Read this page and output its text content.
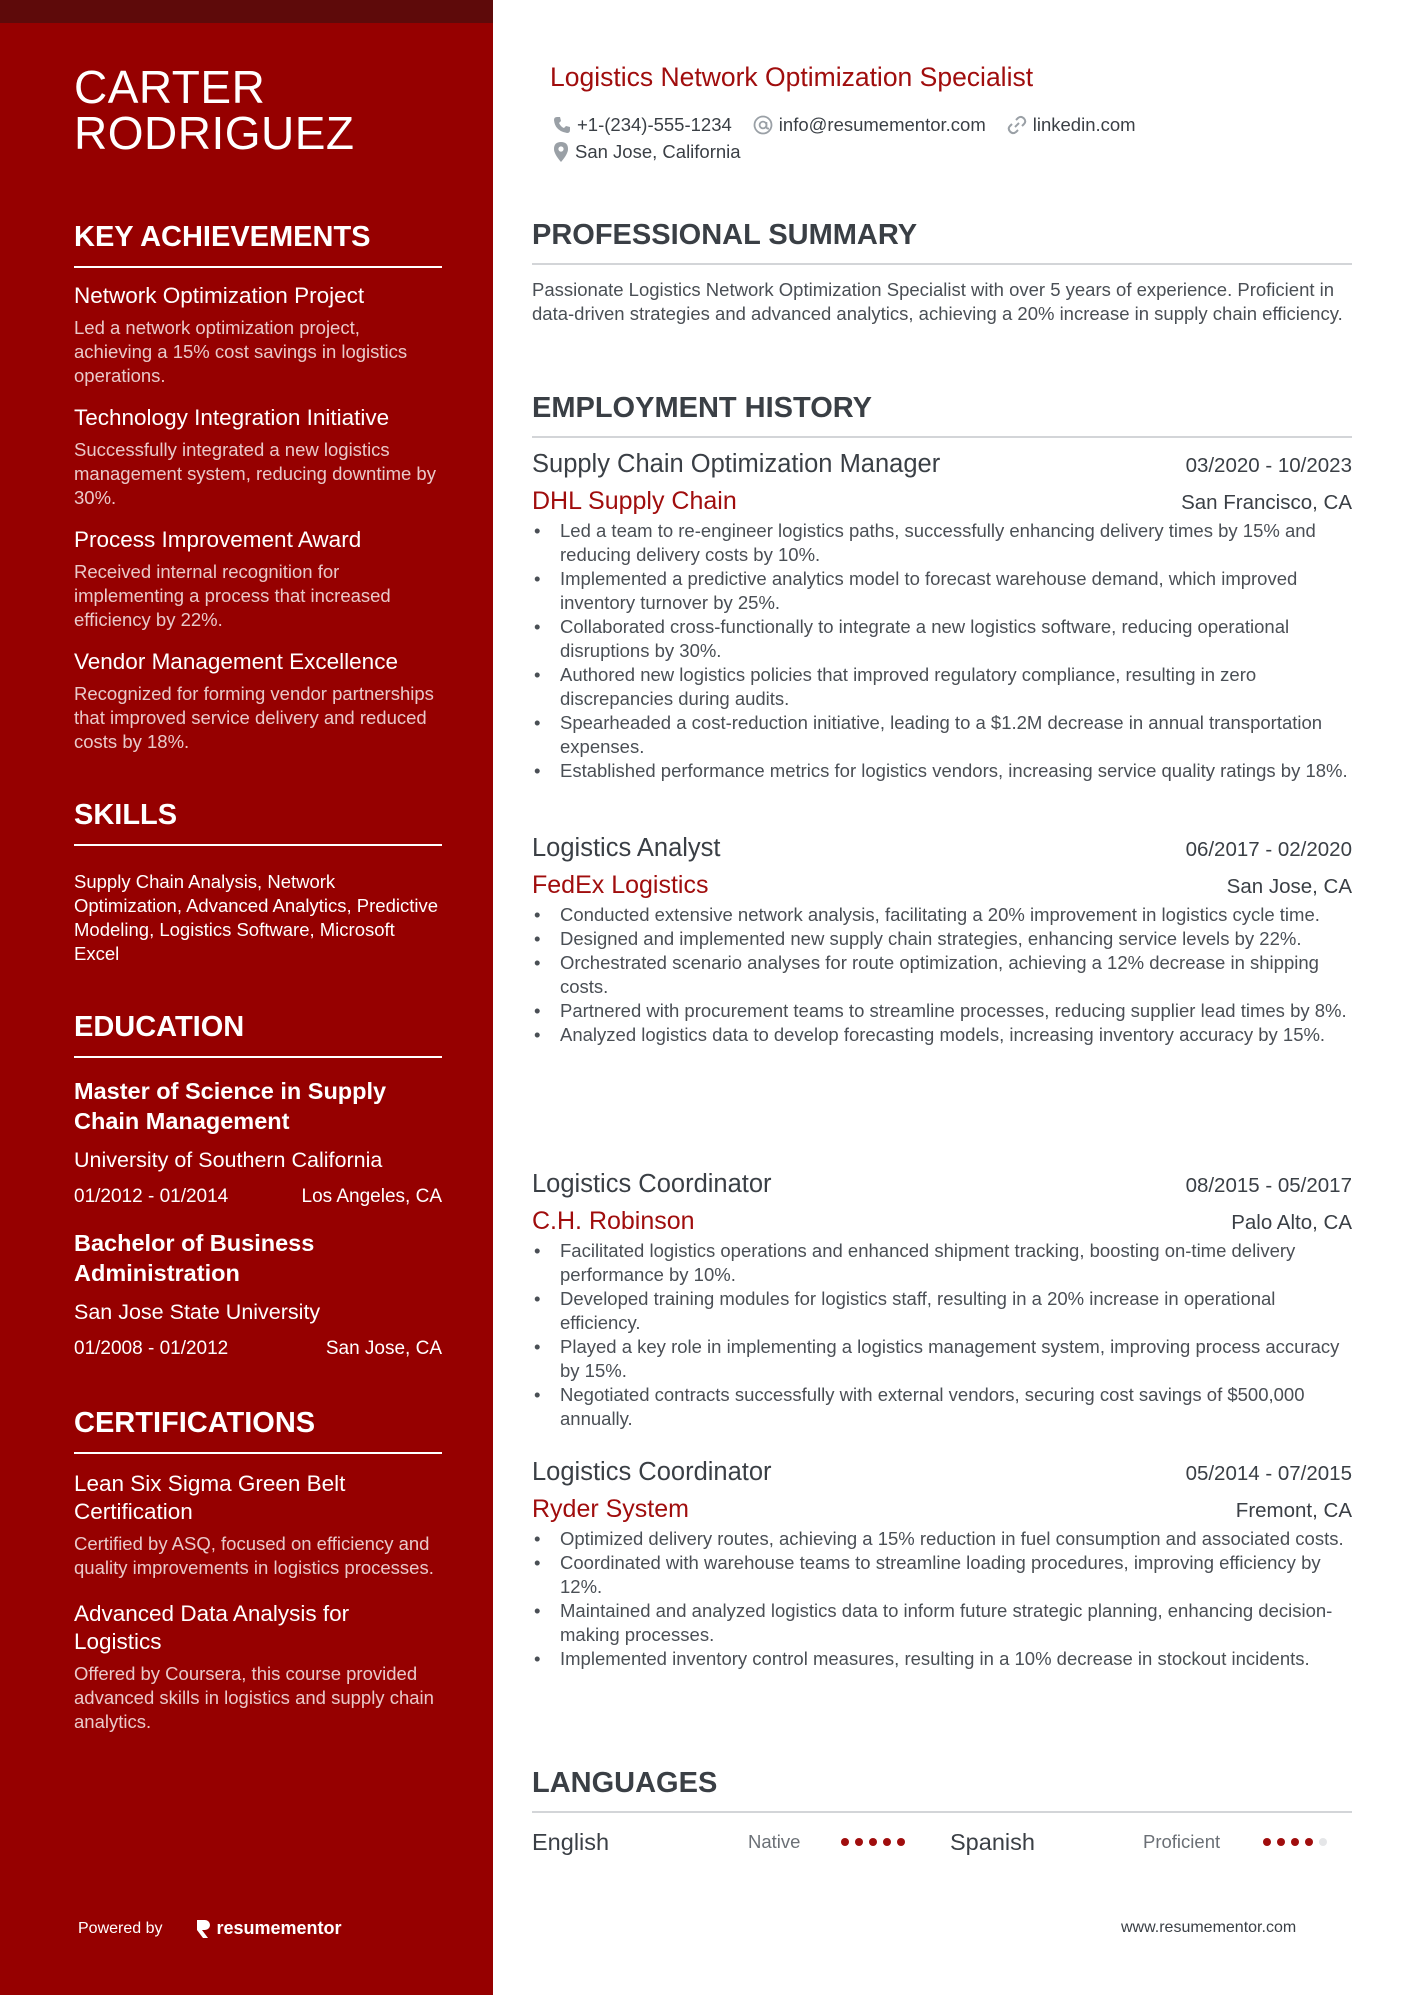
CARTER
RODRIGUEZ
KEY ACHIEVEMENTS
Network Optimization Project
Led a network optimization project, achieving a 15% cost savings in logistics operations.
Technology Integration Initiative
Successfully integrated a new logistics management system, reducing downtime by 30%.
Process Improvement Award
Received internal recognition for implementing a process that increased efficiency by 22%.
Vendor Management Excellence
Recognized for forming vendor partnerships that improved service delivery and reduced costs by 18%.
SKILLS
Supply Chain Analysis, Network Optimization, Advanced Analytics, Predictive Modeling, Logistics Software, Microsoft Excel
EDUCATION
Master of Science in Supply Chain Management
University of Southern California
01/2012 - 01/2014	Los Angeles, CA
Bachelor of Business Administration
San Jose State University
01/2008 - 01/2012	San Jose, CA
CERTIFICATIONS
Lean Six Sigma Green Belt Certification
Certified by ASQ, focused on efficiency and quality improvements in logistics processes.
Advanced Data Analysis for Logistics
Offered by Coursera, this course provided advanced skills in logistics and supply chain analytics.
Powered by	resumementor
Logistics Network Optimization Specialist
+1-(234)-555-1234	info@resumementor.com	linkedin.com
San Jose, California
PROFESSIONAL SUMMARY

Passionate Logistics Network Optimization Specialist with over 5 years of experience. Proficient in data-driven strategies and advanced analytics, achieving a 20% increase in supply chain efficiency.

EMPLOYMENT HISTORY
Supply Chain Optimization Manager	03/2020 - 10/2023
DHL Supply Chain	San Francisco, CA
• Led a team to re-engineer logistics paths, successfully enhancing delivery times by 15% and reducing delivery costs by 10%.
• Implemented a predictive analytics model to forecast warehouse demand, which improved inventory turnover by 25%.
• Collaborated cross-functionally to integrate a new logistics software, reducing operational disruptions by 30%.
• Authored new logistics policies that improved regulatory compliance, resulting in zero discrepancies during audits.
• Spearheaded a cost-reduction initiative, leading to a $1.2M decrease in annual transportation expenses.
• Established performance metrics for logistics vendors, increasing service quality ratings by 18%.
Logistics Analyst	06/2017 - 02/2020
FedEx Logistics	San Jose, CA
• Conducted extensive network analysis, facilitating a 20% improvement in logistics cycle time.
• Designed and implemented new supply chain strategies, enhancing service levels by 22%.
• Orchestrated scenario analyses for route optimization, achieving a 12% decrease in shipping costs.
• Partnered with procurement teams to streamline processes, reducing supplier lead times by 8%.
• Analyzed logistics data to develop forecasting models, increasing inventory accuracy by 15%.
Logistics Coordinator	08/2015 - 05/2017
C.H. Robinson	Palo Alto, CA
• Facilitated logistics operations and enhanced shipment tracking, boosting on-time delivery performance by 10%.
• Developed training modules for logistics staff, resulting in a 20% increase in operational efficiency.
• Played a key role in implementing a logistics management system, improving process accuracy by 15%.
• Negotiated contracts successfully with external vendors, securing cost savings of $500,000 annually.
Logistics Coordinator	05/2014 - 07/2015
Ryder System	Fremont, CA
• Optimized delivery routes, achieving a 15% reduction in fuel consumption and associated costs.
• Coordinated with warehouse teams to streamline loading procedures, improving efficiency by 12%.
• Maintained and analyzed logistics data to inform future strategic planning, enhancing decision-making processes.
• Implemented inventory control measures, resulting in a 10% decrease in stockout incidents.
LANGUAGES
English	Native	Spanish	Proficient
www.resumementor.com
